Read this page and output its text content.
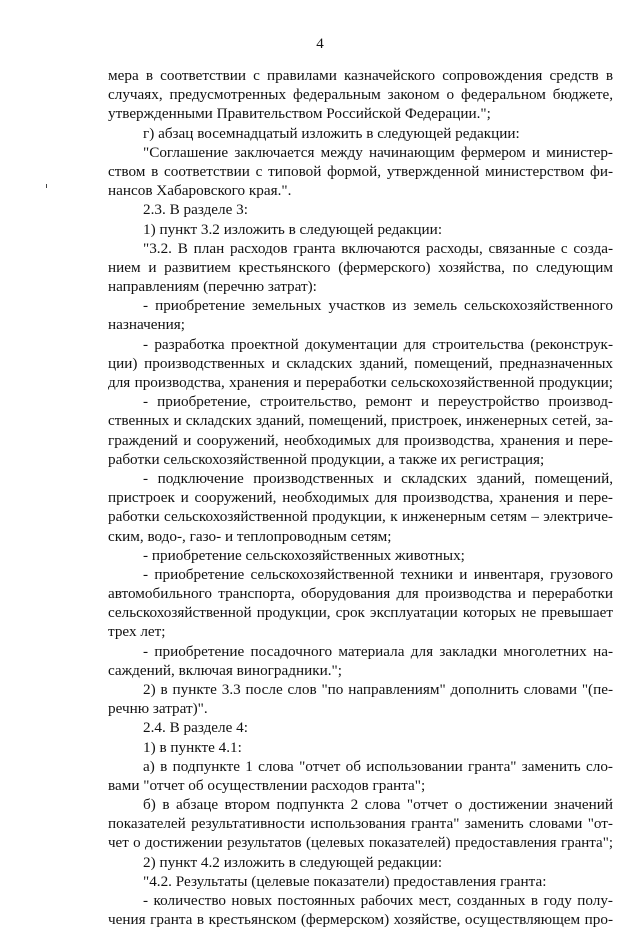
4
мера в соответствии с правилами казначейского сопровождения средств в
случаях, предусмотренных федеральным законом о федеральном бюджете,
утвержденными Правительством Российской Федерации.";
г) абзац восемнадцатый изложить в следующей редакции:
"Соглашение заключается между начинающим фермером и министер-
ством в соответствии с типовой формой, утвержденной министерством фи-
нансов Хабаровского края.".
2.3. В разделе 3:
1) пункт 3.2 изложить в следующей редакции:
"3.2. В план расходов гранта включаются расходы, связанные с созда-
нием и развитием крестьянского (фермерского) хозяйства, по следующим
направлениям (перечню затрат):
- приобретение земельных участков из земель сельскохозяйственного
назначения;
- разработка проектной документации для строительства (реконструк-
ции) производственных и складских зданий, помещений, предназначенных
для производства, хранения и переработки сельскохозяйственной продукции;
- приобретение, строительство, ремонт и переустройство производ-
ственных и складских зданий, помещений, пристроек, инженерных сетей, за-
граждений и сооружений, необходимых для производства, хранения и пере-
работки сельскохозяйственной продукции, а также их регистрация;
- подключение производственных и складских зданий, помещений,
пристроек и сооружений, необходимых для производства, хранения и пере-
работки сельскохозяйственной продукции, к инженерным сетям – электриче-
ским, водо-, газо- и теплопроводным сетям;
- приобретение сельскохозяйственных животных;
- приобретение сельскохозяйственной техники и инвентаря, грузового
автомобильного транспорта, оборудования для производства и переработки
сельскохозяйственной продукции, срок эксплуатации которых не превышает
трех лет;
- приобретение посадочного материала для закладки многолетних на-
саждений, включая виноградники.";
2) в пункте 3.3 после слов "по направлениям" дополнить словами "(пе-
речню затрат)".
2.4. В разделе 4:
1) в пункте 4.1:
а) в подпункте 1 слова "отчет об использовании гранта" заменить сло-
вами "отчет об осуществлении расходов гранта";
б) в абзаце втором подпункта 2 слова "отчет о достижении значений
показателей результативности использования гранта" заменить словами "от-
чет о достижении результатов (целевых показателей) предоставления гранта";
2) пункт 4.2 изложить в следующей редакции:
"4.2. Результаты (целевые показатели) предоставления гранта:
- количество новых постоянных рабочих мест, созданных в году полу-
чения гранта в крестьянском (фермерском) хозяйстве, осуществляющем про-
